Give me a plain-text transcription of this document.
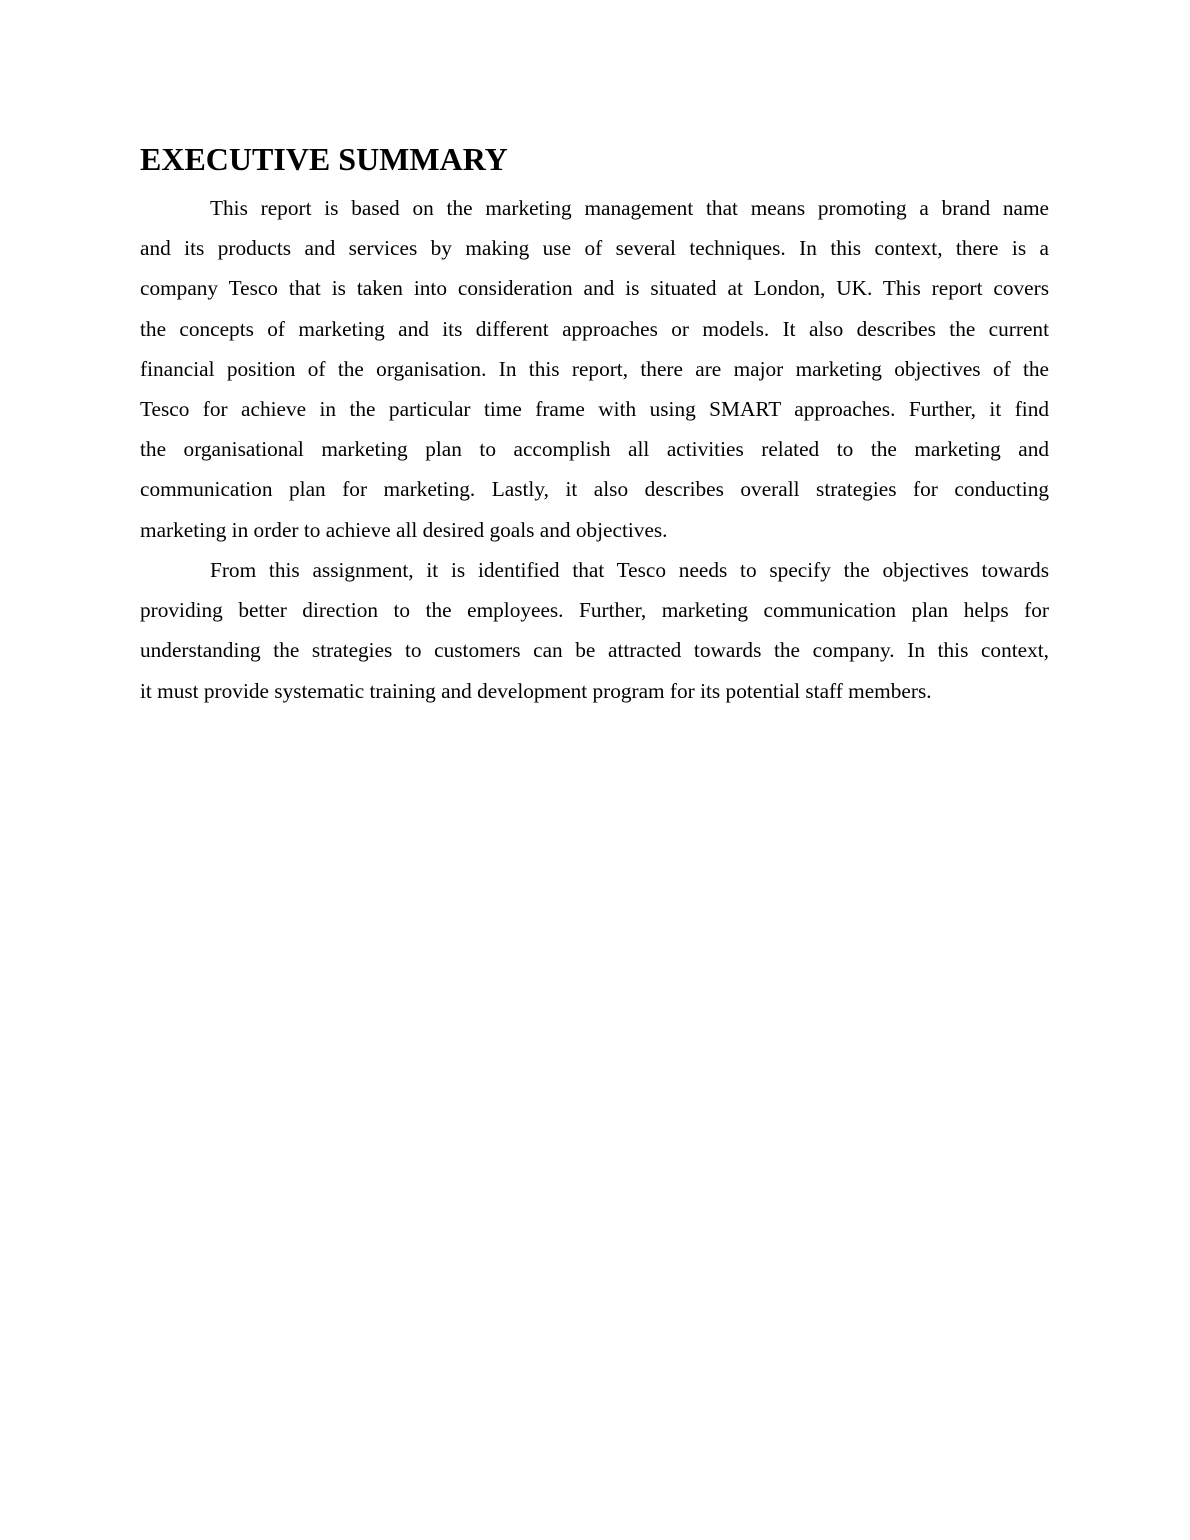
EXECUTIVE SUMMARY
This report is based on the marketing management that means promoting a brand name
and its products and services by making use of several techniques. In this context, there is a
company Tesco that is taken into consideration and is situated at London, UK. This report covers
the concepts of marketing and its different approaches or models. It also describes the current
financial position of the organisation. In this report, there are major marketing objectives of the
Tesco for achieve in the particular time frame with using SMART approaches. Further, it find
the organisational marketing plan to accomplish all activities related to the marketing and
communication plan for marketing. Lastly, it also describes overall strategies for conducting
marketing in order to achieve all desired goals and objectives.
From this assignment, it is identified that Tesco needs to specify the objectives towards
providing better direction to the employees. Further, marketing communication plan helps for
understanding the strategies to customers can be attracted towards the company. In this context,
it must provide systematic training and development program for its potential staff members.
